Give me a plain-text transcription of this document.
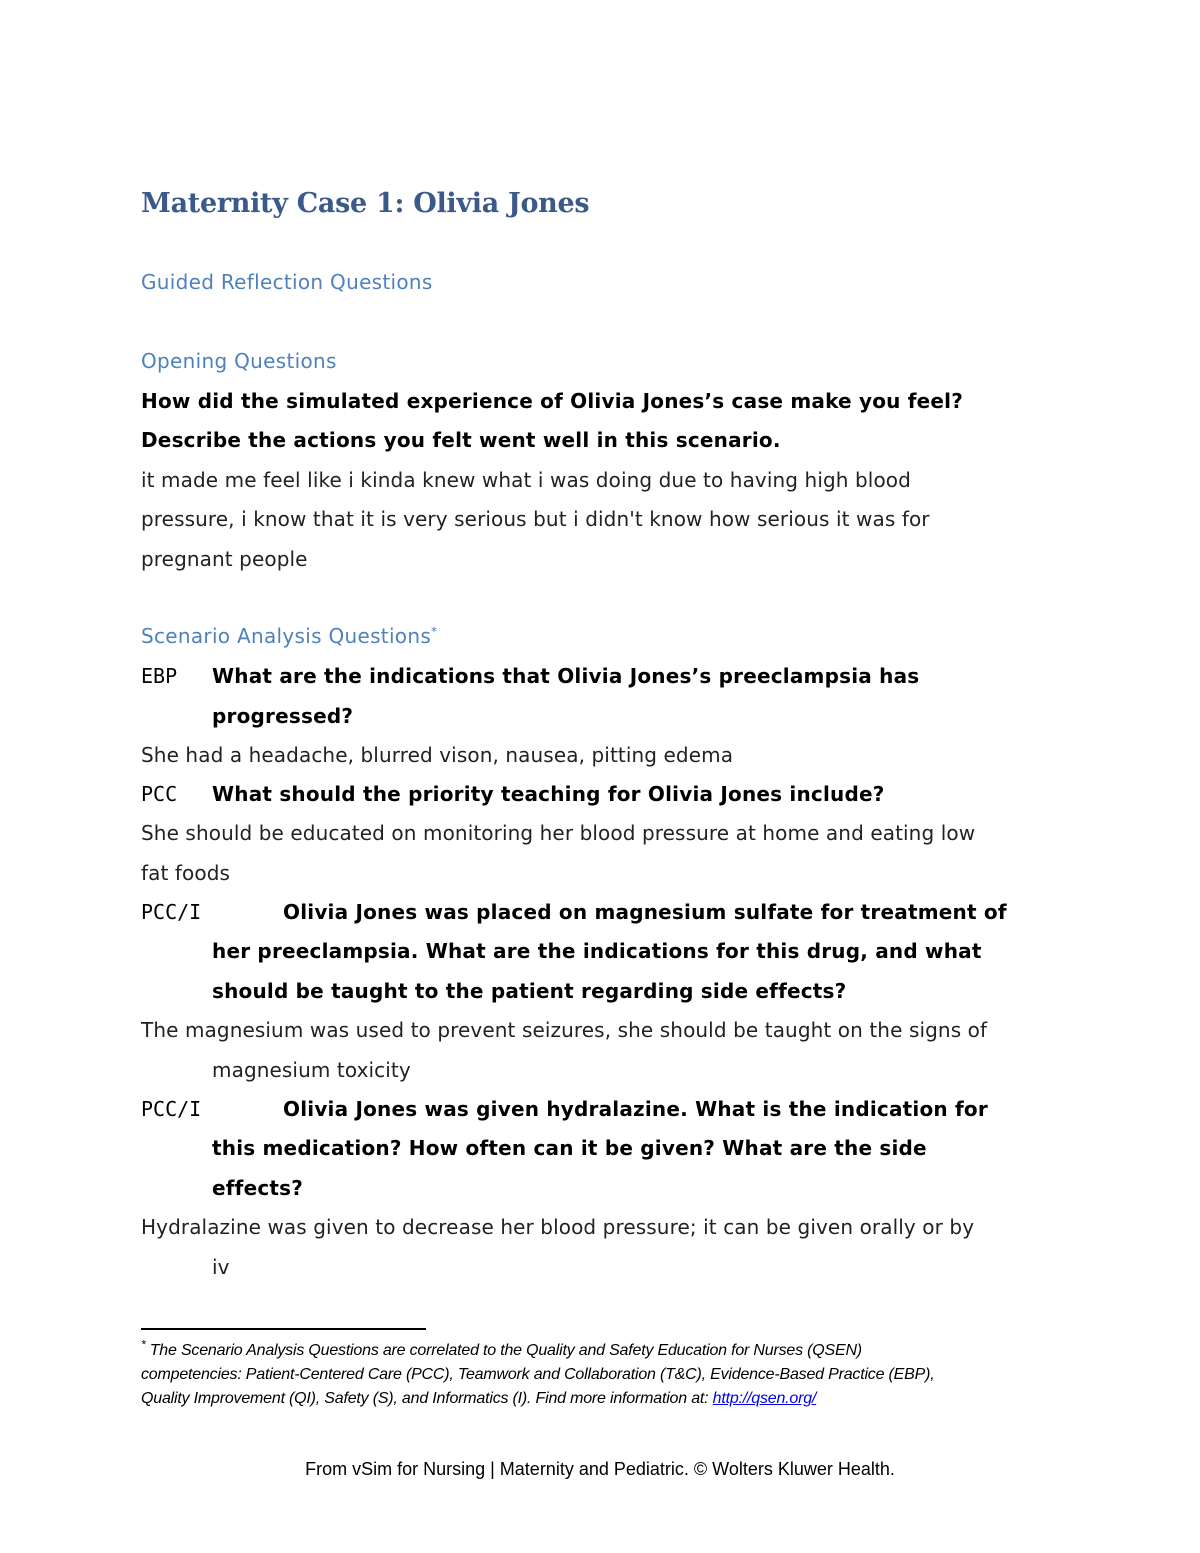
Maternity Case 1: Olivia Jones
Guided Reflection Questions
Opening Questions
How did the simulated experience of Olivia Jones’s case make you feel?
Describe the actions you felt went well in this scenario.
it made me feel like i kinda knew what i was doing due to having high blood
pressure, i know that it is very serious but i didn't know how serious it was for
pregnant people
Scenario Analysis Questions*
EBP What are the indications that Olivia Jones’s preeclampsia has
progressed?
She had a headache, blurred vison, nausea, pitting edema
PCC What should the priority teaching for Olivia Jones include?
She should be educated on monitoring her blood pressure at home and eating low
fat foods
PCC/I	Olivia Jones was placed on magnesium sulfate for treatment of
her preeclampsia. What are the indications for this drug, and what
should be taught to the patient regarding side effects?
The magnesium was used to prevent seizures, she should be taught on the signs of
magnesium toxicity
PCC/I	Olivia Jones was given hydralazine. What is the indication for
this medication? How often can it be given? What are the side
effects?
Hydralazine was given to decrease her blood pressure; it can be given orally or by
iv
* The Scenario Analysis Questions are correlated to the Quality and Safety Education for Nurses (QSEN)
competencies: Patient-Centered Care (PCC), Teamwork and Collaboration (T&C), Evidence-Based Practice (EBP),
Quality Improvement (QI), Safety (S), and Informatics (I). Find more information at: http://qsen.org/
From vSim for Nursing | Maternity and Pediatric. © Wolters Kluwer Health.
